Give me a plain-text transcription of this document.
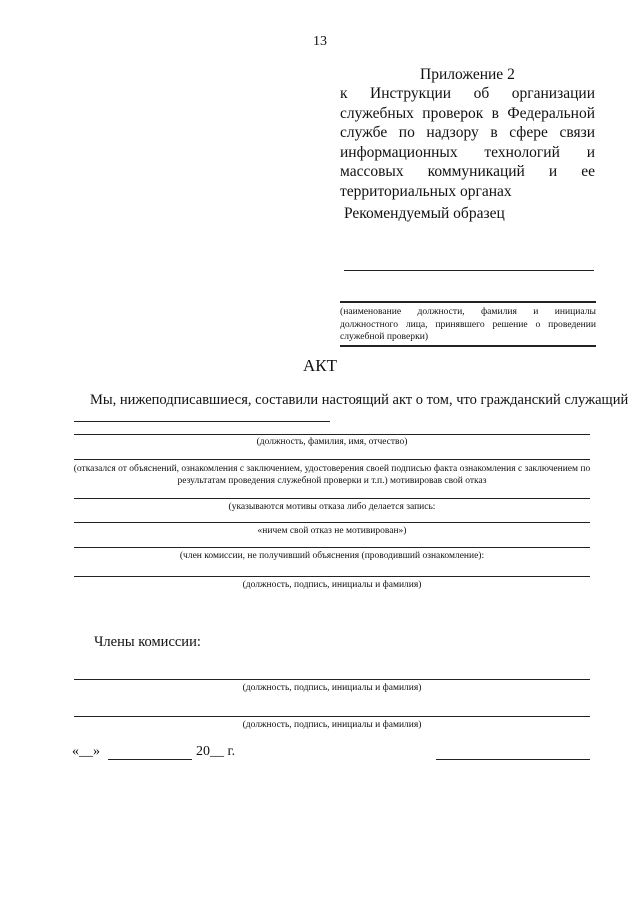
13
Приложение 2
к Инструкции об организации служебных проверок в Федеральной службе по надзору в сфере связи информационных технологий и массовых коммуникаций и ее территориальных органах
Рекомендуемый образец
(наименование должности, фамилия и инициалы должностного лица, принявшего решение о проведении служебной проверки)
АКТ
Мы, нижеподписавшиеся, составили настоящий акт о том, что гражданский служащий
(должность, фамилия, имя, отчество)
(отказался от объяснений, ознакомления с заключением, удостоверения своей подписью факта ознакомления с заключением по результатам проведения служебной проверки и т.п.) мотивировав свой отказ
(указываются мотивы отказа либо делается запись:
«ничем свой отказ не мотивирован»)
(член комиссии, не получивший объяснения (проводивший ознакомление):
(должность, подпись, инициалы и фамилия)
Члены комиссии:
(должность, подпись, инициалы и фамилия)
(должность, подпись, инициалы и фамилия)
«__»	20__ г.
